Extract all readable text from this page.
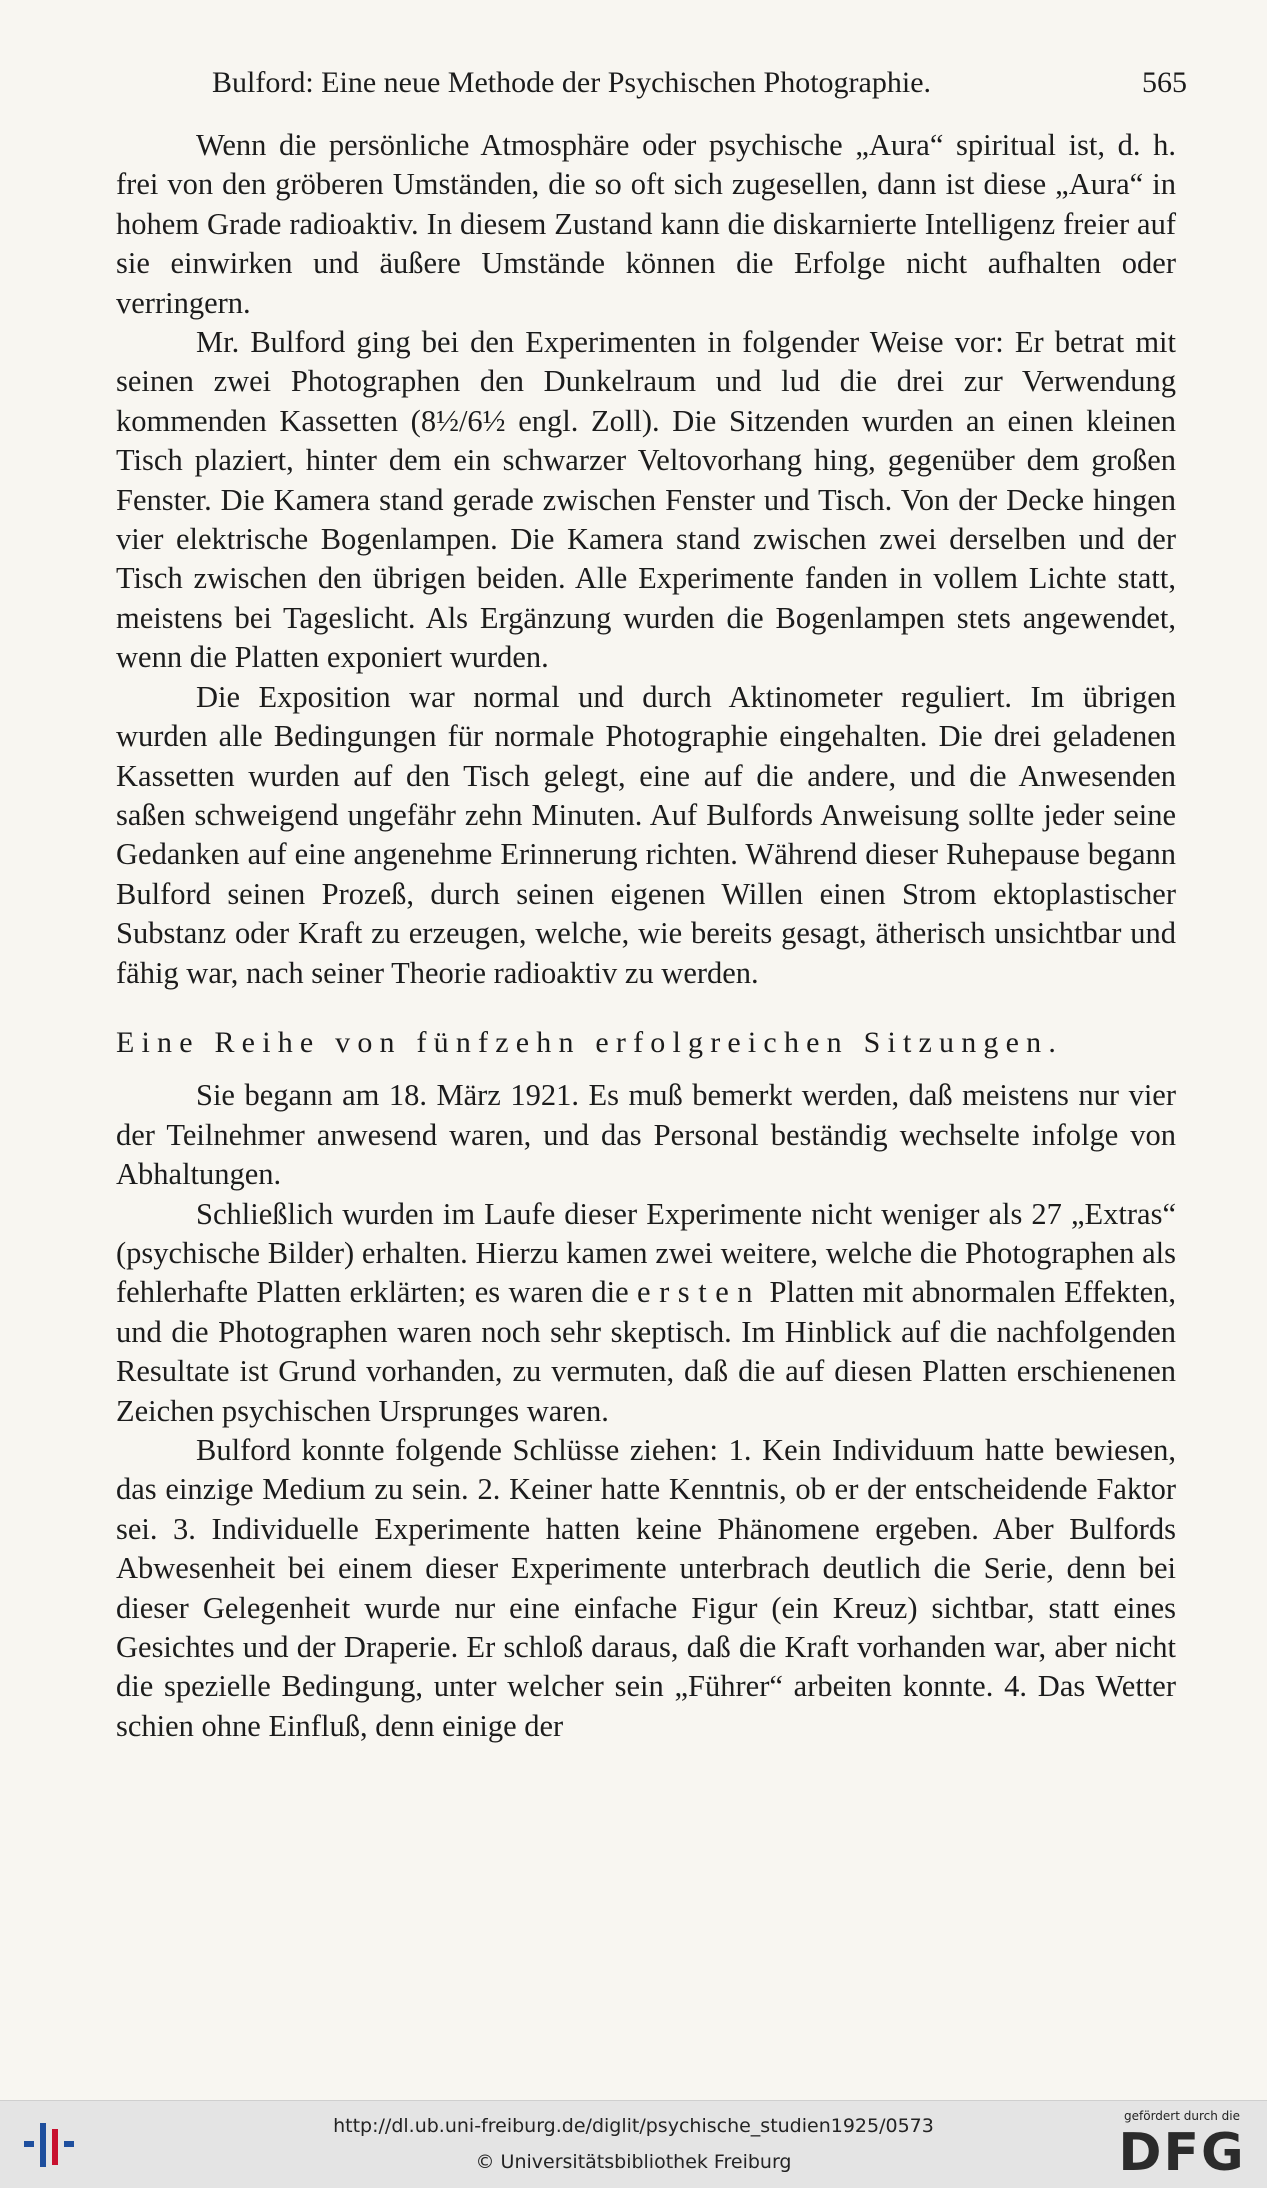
Bulford: Eine neue Methode der Psychischen Photographie.	565

Wenn die persönliche Atmosphäre oder psychische „Aura“ spiritual ist, d. h. frei von den gröberen Umständen, die so oft sich zugesellen, dann ist diese „Aura“ in hohem Grade radioaktiv. In diesem Zustand kann die diskarnierte Intelligenz freier auf sie einwirken und äußere Umstände können die Erfolge nicht aufhalten oder verringern.

Mr. Bulford ging bei den Experimenten in folgender Weise vor: Er betrat mit seinen zwei Photographen den Dunkelraum und lud die drei zur Verwendung kommenden Kassetten (8½/6½ engl. Zoll). Die Sitzenden wurden an einen kleinen Tisch plaziert, hinter dem ein schwarzer Veltovorhang hing, gegenüber dem großen Fenster. Die Kamera stand gerade zwischen Fenster und Tisch. Von der Decke hingen vier elektrische Bogenlampen. Die Kamera stand zwischen zwei derselben und der Tisch zwischen den übrigen beiden. Alle Experimente fanden in vollem Lichte statt, meistens bei Tageslicht. Als Ergänzung wurden die Bogenlampen stets angewendet, wenn die Platten exponiert wurden.

Die Exposition war normal und durch Aktinometer reguliert. Im übrigen wurden alle Bedingungen für normale Photographie eingehalten. Die drei geladenen Kassetten wurden auf den Tisch gelegt, eine auf die andere, und die Anwesenden saßen schweigend ungefähr zehn Minuten. Auf Bulfords Anweisung sollte jeder seine Gedanken auf eine angenehme Erinnerung richten. Während dieser Ruhepause begann Bulford seinen Prozeß, durch seinen eigenen Willen einen Strom ektoplastischer Substanz oder Kraft zu erzeugen, welche, wie bereits gesagt, ätherisch unsichtbar und fähig war, nach seiner Theorie radioaktiv zu werden.

Eine Reihe von fünfzehn erfolgreichen Sitzungen.

Sie begann am 18. März 1921. Es muß bemerkt werden, daß meistens nur vier der Teilnehmer anwesend waren, und das Personal beständig wechselte infolge von Abhaltungen.

Schließlich wurden im Laufe dieser Experimente nicht weniger als 27 „Extras“ (psychische Bilder) erhalten. Hierzu kamen zwei weitere, welche die Photographen als fehlerhafte Platten erklärten; es waren die ersten Platten mit abnormalen Effekten, und die Photographen waren noch sehr skeptisch. Im Hinblick auf die nachfolgenden Resultate ist Grund vorhanden, zu vermuten, daß die auf diesen Platten erschienenen Zeichen psychischen Ursprunges waren.

Bulford konnte folgende Schlüsse ziehen: 1. Kein Individuum hatte bewiesen, das einzige Medium zu sein. 2. Keiner hatte Kenntnis, ob er der entscheidende Faktor sei. 3. Individuelle Experimente hatten keine Phänomene ergeben. Aber Bulfords Abwesenheit bei einem dieser Experimente unterbrach deutlich die Serie, denn bei dieser Gelegenheit wurde nur eine einfache Figur (ein Kreuz) sichtbar, statt eines Gesichtes und der Draperie. Er schloß daraus, daß die Kraft vorhanden war, aber nicht die spezielle Bedingung, unter welcher sein „Führer“ arbeiten konnte. 4. Das Wetter schien ohne Einfluß, denn einige der

http://dl.ub.uni-freiburg.de/diglit/psychische_studien1925/0573
© Universitätsbibliothek Freiburg
gefördert durch die
DFG
